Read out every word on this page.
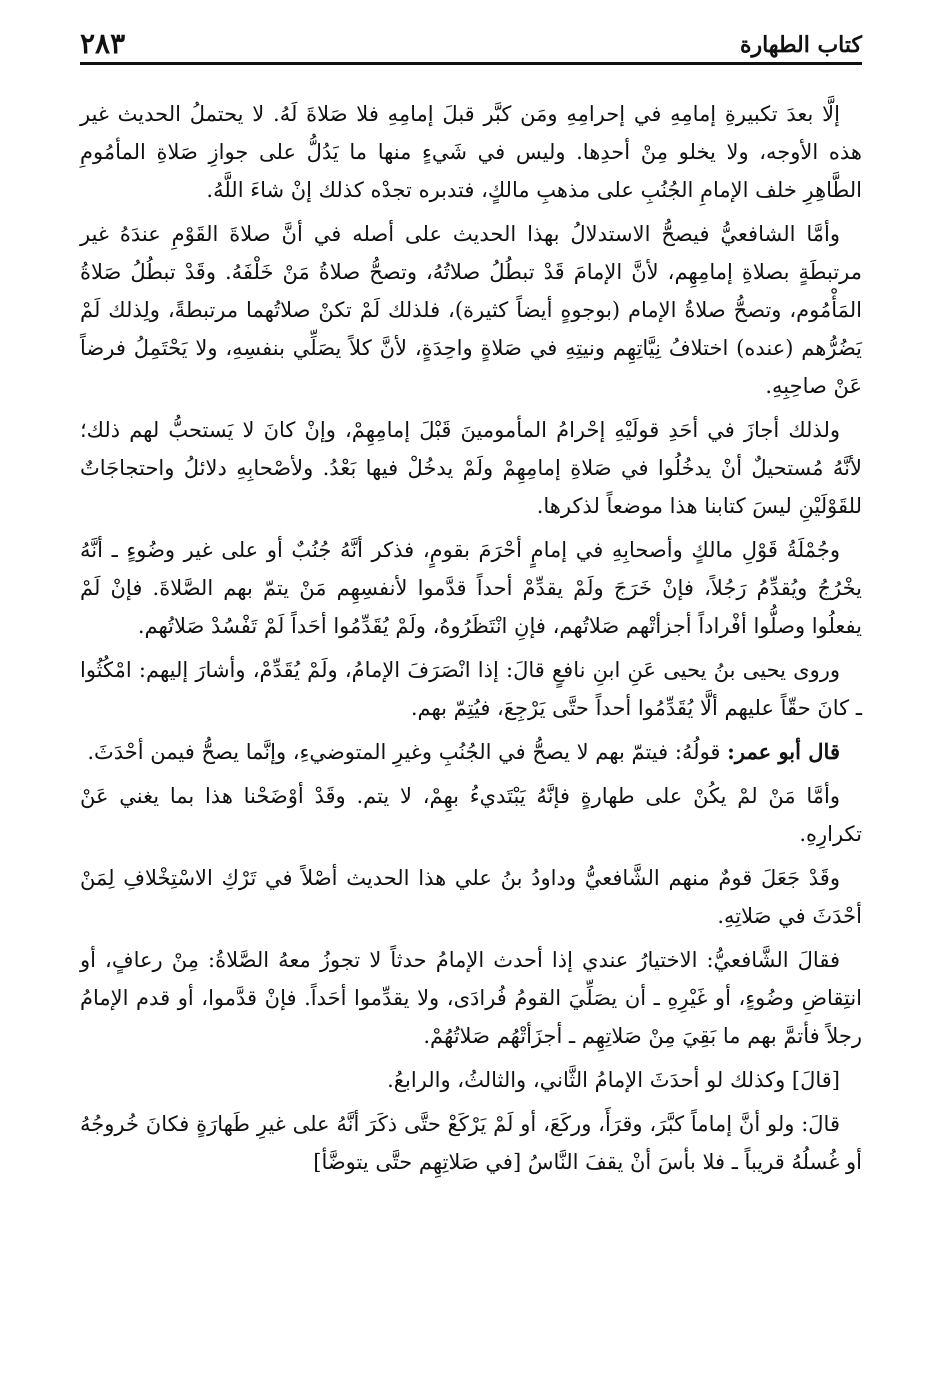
كتاب الطهارة
٢٨٣

إلَّا بعدَ تكبيرةِ إمامِهِ في إحرامِهِ ومَن كبَّر قبلَ إمامِهِ فلا صَلاةَ لَهُ. لا يحتملُ الحديث غير هذه الأوجه، ولا يخلو مِنْ أحدِها. وليس في شَيءٍ منها ما يَدُلُّ على جوازِ صَلاةِ المأمُومِ الطَّاهِرِ خلف الإمامِ الجُنُبِ على مذهبِ مالكٍ، فتدبره تجدْه كذلك إنْ شاءَ اللَّهُ.

وأمَّا الشافعيُّ فيصحُّ الاستدلالُ بهذا الحديث على أصله في أنَّ صلاةَ القَوْمِ عندَهُ غير مرتبطَةٍ بصلاةِ إمامِهِم، لأنَّ الإمامَ قَدْ تبطُلُ صلاتُهُ، وتصحُّ صلاةُ مَنْ خَلْفَهُ. وقَدْ تبطُلُ صَلاةُ المَأْمُوم، وتصحُّ صلاةُ الإمام (بوجوهٍ أيضاً كثيرة)، فلذلك لَمْ تكنْ صلاتُهما مرتبطةً، ولِذلك لَمْ يَضُرُّهم (عنده) اختلافُ نِيَّاتِهِم ونيتِهِ في صَلاةٍ واحِدَةٍ، لأنَّ كلاً يصَلِّي بنفسِهِ، ولا يَحْتَمِلُ فرضاً عَنْ صاحِبِهِ.

ولذلك أجازَ في أحَدِ قولَيْهِ إحْرامُ المأمومينَ قَبْلَ إمامِهِمْ، وإنْ كانَ لا يَستحبُّ لهم ذلك؛ لأنَّهُ مُستحيلٌ أنْ يدخُلُوا في صَلاةِ إمامِهِمْ ولَمْ يدخُلْ فيها بَعْدُ. ولأصْحابِهِ دلائلُ واحتجاجَاتٌ للقَوْلَيْنِ ليسَ كتابنا هذا موضعاً لذكرها.

وجُمْلَةُ قَوْلِ مالكٍ وأصحابِهِ في إمامٍ أحْرَمَ بقومٍ، فذكر أنَّهُ جُنُبٌ أو على غير وضُوءٍ ـ أنَّهُ يخْرُجُ ويُقدِّمُ رَجُلاً، فإنْ خَرَجَ ولَمْ يقدِّمْ أحداً قدَّموا لأنفسِهِم مَنْ يتمّ بهم الصَّلاةَ. فإنْ لَمْ يفعلُوا وصلُّوا أفْراداً أجزأتْهم صَلاتُهم، فإنِ انْتَظَرُوهُ، ولَمْ يُقَدِّمُوا أحَداً لَمْ تَفْسُدْ صَلاتُهم.

وروى يحيى بنُ يحيى عَنِ ابنِ نافعٍ قالَ: إذا انْصَرَفَ الإمامُ، ولَمْ يُقَدِّمْ، وأشارَ إليهم: امْكُثُوا ـ كانَ حقّاً عليهم ألَّا يُقَدِّمُوا أحداً حتَّى يَرْجِعَ، فيُتِمّ بهم.

قال أبو عمر: قولُهُ: فيتمّ بهم لا يصحُّ في الجُنُبِ وغيرِ المتوضيءِ، وإنَّما يصحُّ فيمن أحْدَثَ.

وأمَّا مَنْ لمْ يكُنْ على طهارةٍ فإنَّهُ يَبْتَديءُ بهِمْ، لا يتم. وقَدْ أوْضَحْنا هذا بما يغني عَنْ تكرارِهِ.

وقَدْ جَعَلَ قومٌ منهم الشَّافعيُّ وداودُ بنُ علي هذا الحديث أصْلاً في تَرْكِ الاسْتِخْلافِ لِمَنْ أحْدَثَ في صَلاتِهِ.

فقالَ الشَّافعيُّ: الاختيارُ عندي إذا أحدث الإمامُ حدثاً لا تجوزُ معهُ الصَّلاةُ: مِنْ رعافٍ، أو انتِقاضِ وضُوءٍ، أو غَيْرِهِ ـ أن يصَلِّيَ القومُ فُرادَى، ولا يقدِّموا أحَداً. فإنْ قدَّموا، أو قدم الإمامُ رجلاً فأتمَّ بهم ما بَقِيَ مِنْ صَلاتِهِم ـ أجزَأتْهُم صَلاتُهُمْ.

[قالَ] وكذلك لو أحدَثَ الإمامُ الثَّاني، والثالثُ، والرابعُ.

قالَ: ولو أنَّ إماماً كبَّرَ، وقرَأَ، وركَعَ، أو لَمْ يَرْكَعْ حتَّى ذكَرَ أنَّهُ على غيرِ طَهارَةٍ فكانَ خُروجُهُ أو غُسلُهُ قريباً ـ فلا بأسَ أنْ يقفَ النَّاسُ [في صَلاتِهِم حتَّى يتوضَّأ]
